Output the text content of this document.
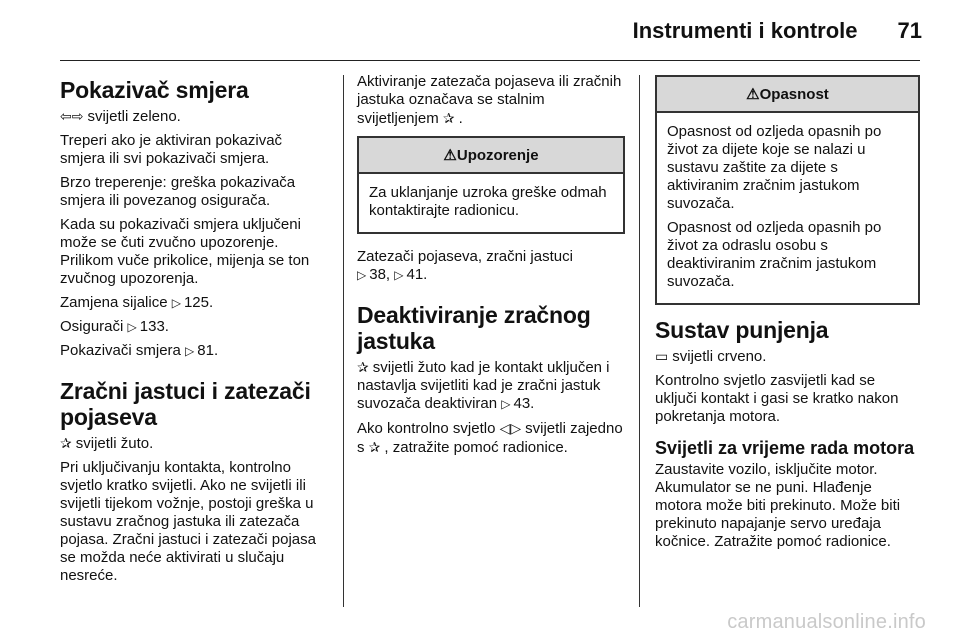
Instrumenti i kontrole 71
Pokazivač smjera

⇦⇨ svijetli zeleno.

Treperi ako je aktiviran pokazivač smjera ili svi pokazivači smjera.

Brzo treperenje: greška pokazivača smjera ili povezanog osigurača.

Kada su pokazivači smjera uključeni može se čuti zvučno upozorenje. Prilikom vuče prikolice, mijenja se ton zvučnog upozorenja.

Zamjena sijalice ▷ 125.

Osigurači ▷ 133.

Pokazivači smjera ▷ 81.

Zračni jastuci i zatezači pojaseva

✰ svijetli žuto.

Pri uključivanju kontakta, kontrolno svjetlo kratko svijetli. Ako ne svijetli ili svijetli tijekom vožnje, postoji greška u sustavu zračnog jastuka ili zatezača pojasa. Zračni jastuci i zatezači pojasa se možda neće aktivirati u slučaju nesreće.

Aktiviranje zatezača pojaseva ili zračnih jastuka označava se stalnim svijetljenjem ✰ .

⚠Upozorenje

Za uklanjanje uzroka greške odmah kontaktirajte radionicu.

Zatezači pojaseva, zračni jastuci
▷ 38, ▷ 41.

Deaktiviranje zračnog jastuka

✰ svijetli žuto kad je kontakt uključen i nastavlja svijetliti kad je zračni jastuk suvozača deaktiviran ▷ 43.

Ako kontrolno svjetlo ◁▷ svijetli zajedno s ✰ , zatražite pomoć radionice.

⚠Opasnost

Opasnost od ozljeda opasnih po život za dijete koje se nalazi u sustavu zaštite za dijete s aktiviranim zračnim jastukom suvozača.

Opasnost od ozljeda opasnih po život za odraslu osobu s deaktiviranim zračnim jastukom suvozača.

Sustav punjenja

▭ svijetli crveno.

Kontrolno svjetlo zasvijetli kad se uključi kontakt i gasi se kratko nakon pokretanja motora.

Svijetli za vrijeme rada motora

Zaustavite vozilo, isključite motor. Akumulator se ne puni. Hlađenje motora može biti prekinuto. Može biti prekinuto napajanje servo uređaja kočnice. Zatražite pomoć radionice.

carmanualsonline.info
